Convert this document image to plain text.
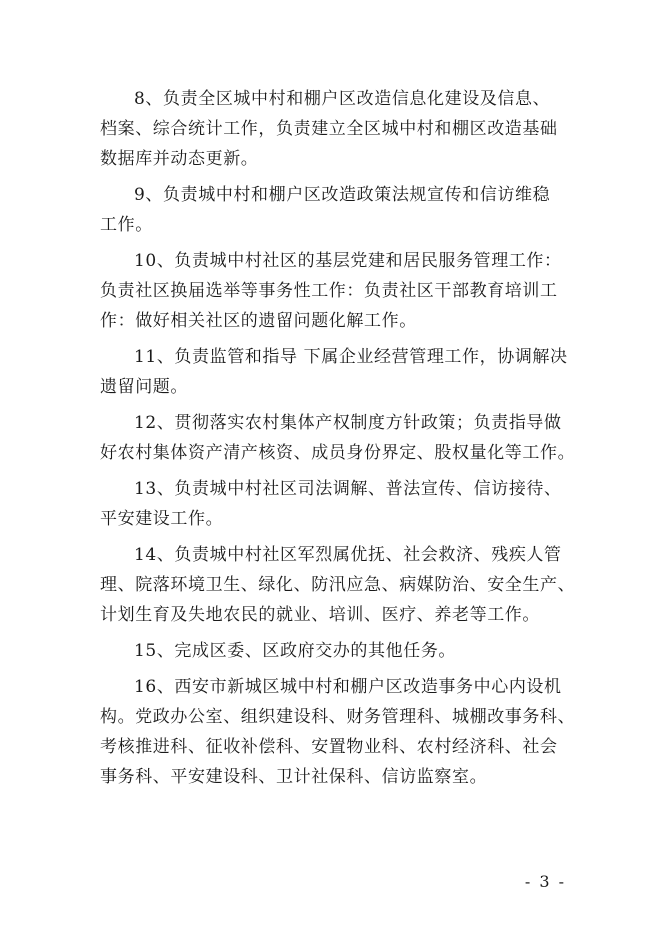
8、负责全区城中村和棚户区改造信息化建设及信息、
档案、综合统计工作，负责建立全区城中村和棚区改造基础
数据库并动态更新。

9、负责城中村和棚户区改造政策法规宣传和信访维稳
工作。

10、负责城中村社区的基层党建和居民服务管理工作：
负责社区换届选举等事务性工作：负责社区干部教育培训工
作：做好相关社区的遗留问题化解工作。

11、负责监管和指导 下属企业经营管理工作，协调解决
遗留问题。

12、贯彻落实农村集体产权制度方针政策；负责指导做
好农村集体资产清产核资、成员身份界定、股权量化等工作。

13、负责城中村社区司法调解、普法宣传、信访接待、
平安建设工作。

14、负责城中村社区军烈属优抚、社会救济、残疾人管
理、院落环境卫生、绿化、防汛应急、病媒防治、安全生产、
计划生育及失地农民的就业、培训、医疗、养老等工作。

15、完成区委、区政府交办的其他任务。

16、西安市新城区城中村和棚户区改造事务中心内设机
构。党政办公室、组织建设科、财务管理科、城棚改事务科、
考核推进科、征收补偿科、安置物业科、农村经济科、社会
事务科、平安建设科、卫计社保科、信访监察室。

- 3 -
